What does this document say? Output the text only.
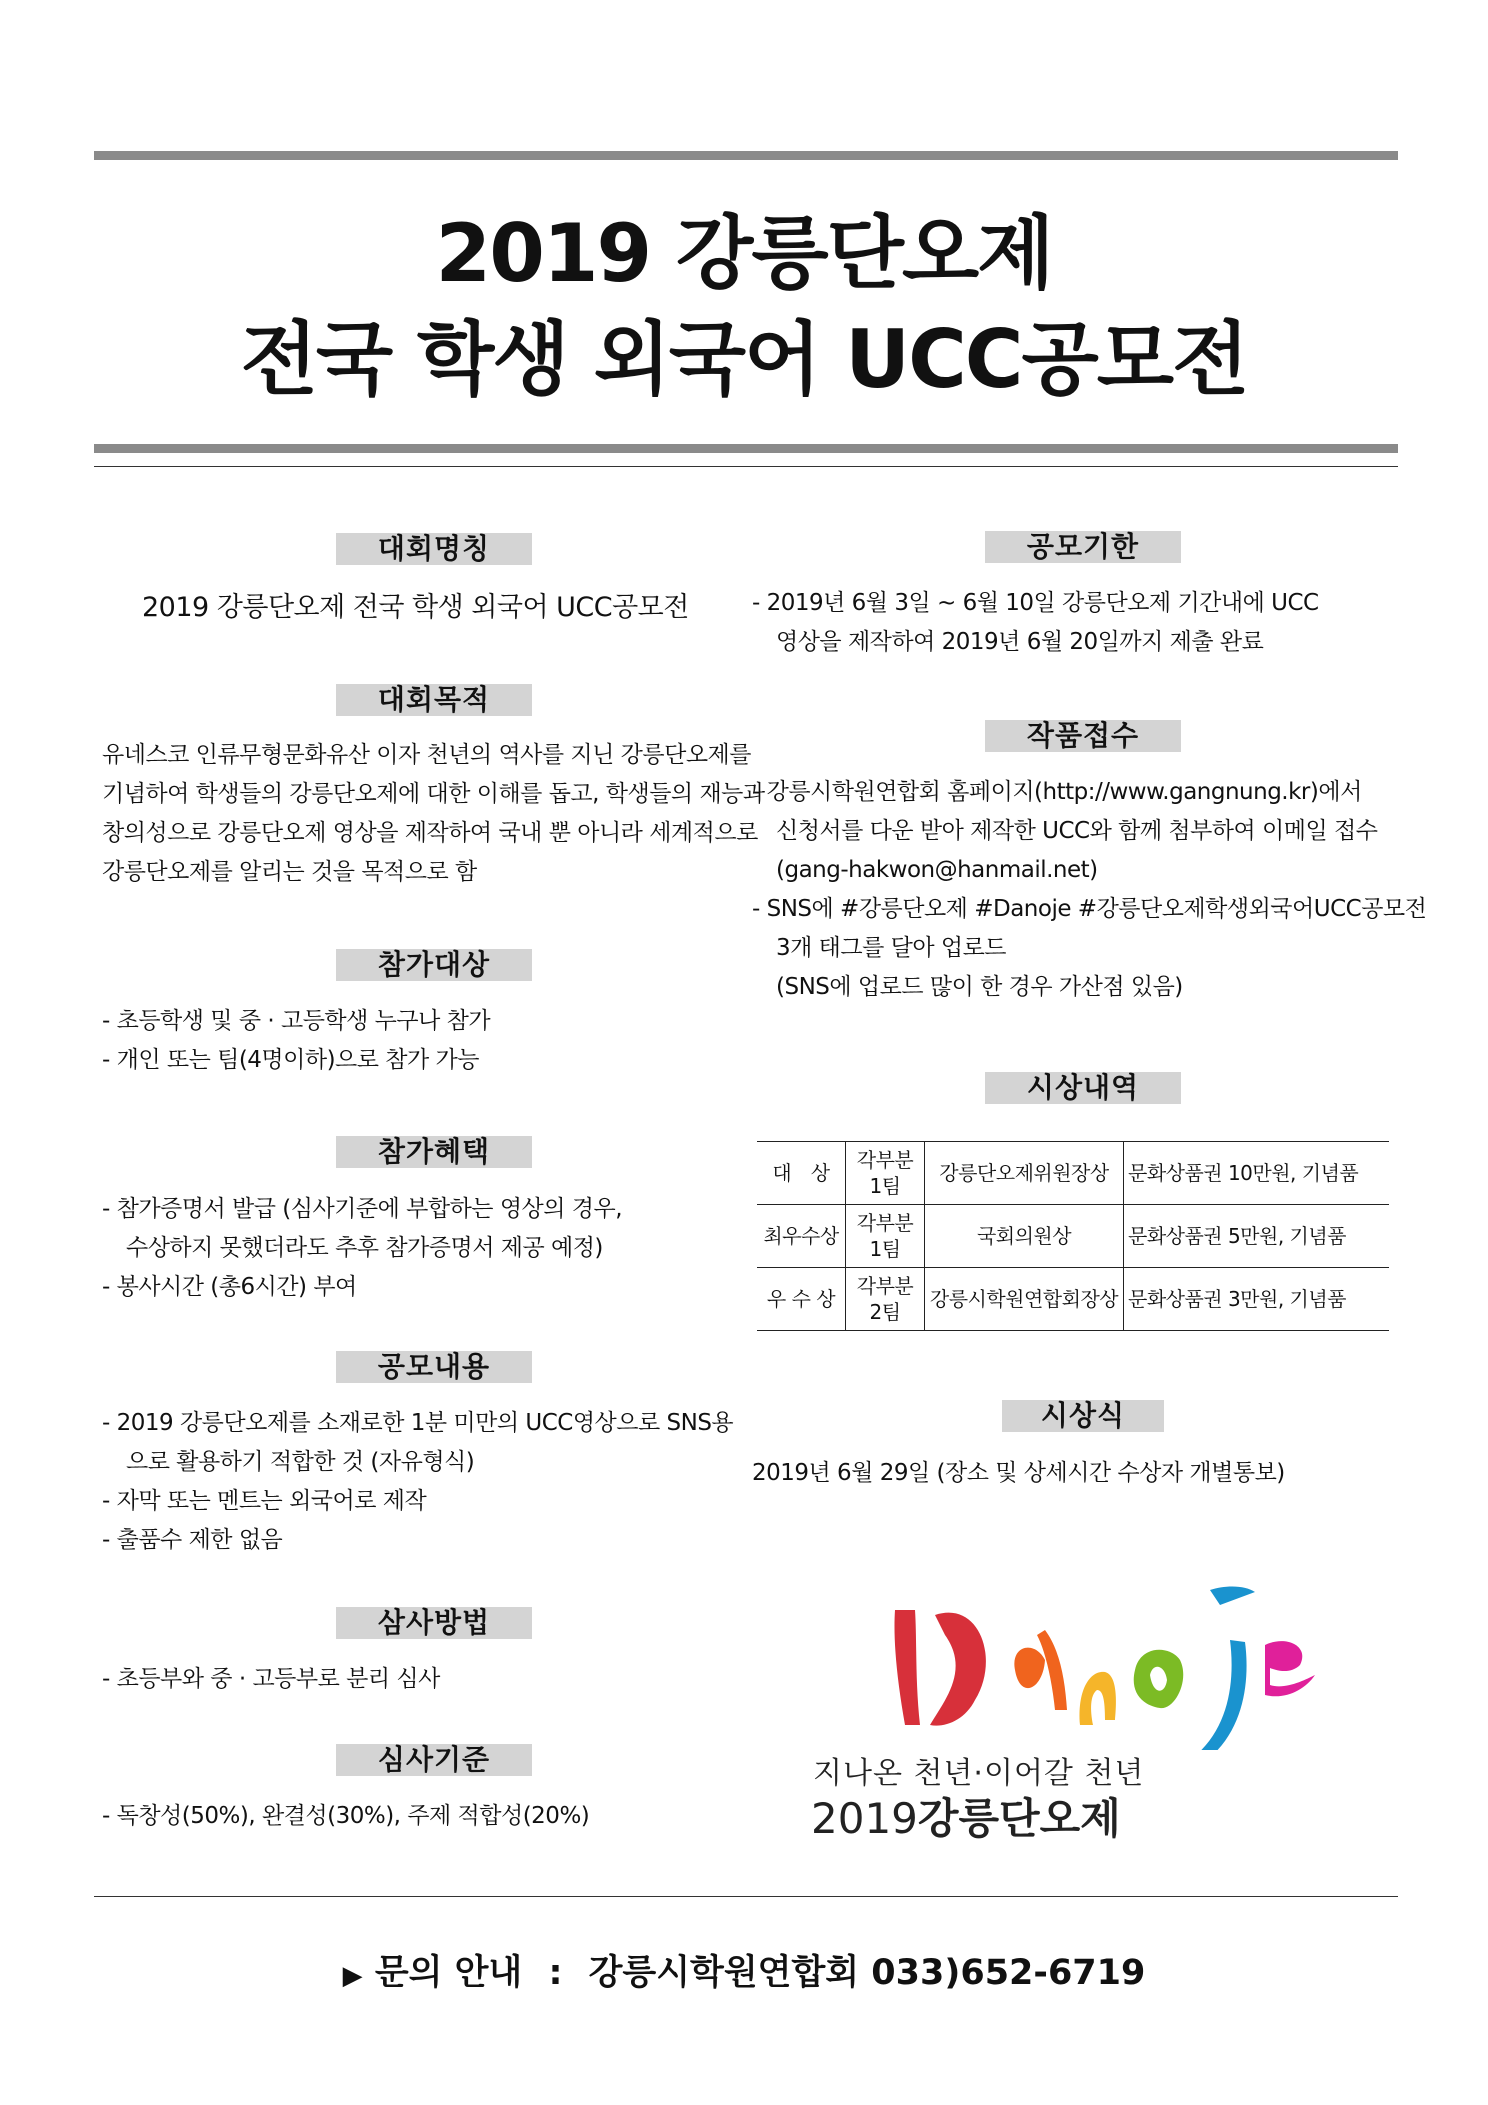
2019 강릉단오제
전국 학생 외국어 UCC공모전
대회명칭
2019 강릉단오제 전국 학생 외국어 UCC공모전
대회목적

유네스코 인류무형문화유산 이자 천년의 역사를 지닌 강릉단오제를

기념하여 학생들의 강릉단오제에 대한 이해를 돕고, 학생들의 재능과

창의성으로 강릉단오제 영상을 제작하여 국내 뿐 아니라 세계적으로

강릉단오제를 알리는 것을 목적으로 함

참가대상

- 초등학생 및 중 · 고등학생 누구나 참가

- 개인 또는 팀(4명이하)으로 참가 가능

참가혜택

- 참가증명서 발급 (심사기준에 부합하는 영상의 경우,

수상하지 못했더라도 추후 참가증명서 제공 예정)

- 봉사시간 (총6시간) 부여

공모내용

- 2019 강릉단오제를 소재로한 1분 미만의 UCC영상으로 SNS용

으로 활용하기 적합한 것 (자유형식)

- 자막 또는 멘트는 외국어로 제작

- 출품수 제한 없음

삼사방법

- 초등부와 중 · 고등부로 분리 심사

심사기준

- 독창성(50%), 완결성(30%), 주제 적합성(20%)

공모기한

- 2019년 6월 3일 ~ 6월 10일 강릉단오제 기간내에 UCC

영상을 제작하여 2019년 6월 20일까지 제출 완료

작품접수

- 강릉시학원연합회 홈페이지(http://www.gangnung.kr)에서

신청서를 다운 받아 제작한 UCC와 함께 첨부하여 이메일 접수

(gang-hakwon@hanmail.net)

- SNS에 #강릉단오제 #Danoje #강릉단오제학생외국어UCC공모전

3개 태그를 달아 업로드

(SNS에 업로드 많이 한 경우 가산점 있음)

시상내역
대　상	각부분
1팀	강릉단오제위원장상	문화상품권 10만원, 기념품
최우수상	각부분
1팀	국회의원상	문화상품권 5만원, 기념품
우 수 상	각부분
2팀	강릉시학원연합회장상	문화상품권 3만원, 기념품
시상식
2019년 6월 29일 (장소 및 상세시간 수상자 개별통보)
지나온 천년·이어갈 천년
2019강릉단오제
▶ 문의 안내 : 강릉시학원연합회 033)652-6719
